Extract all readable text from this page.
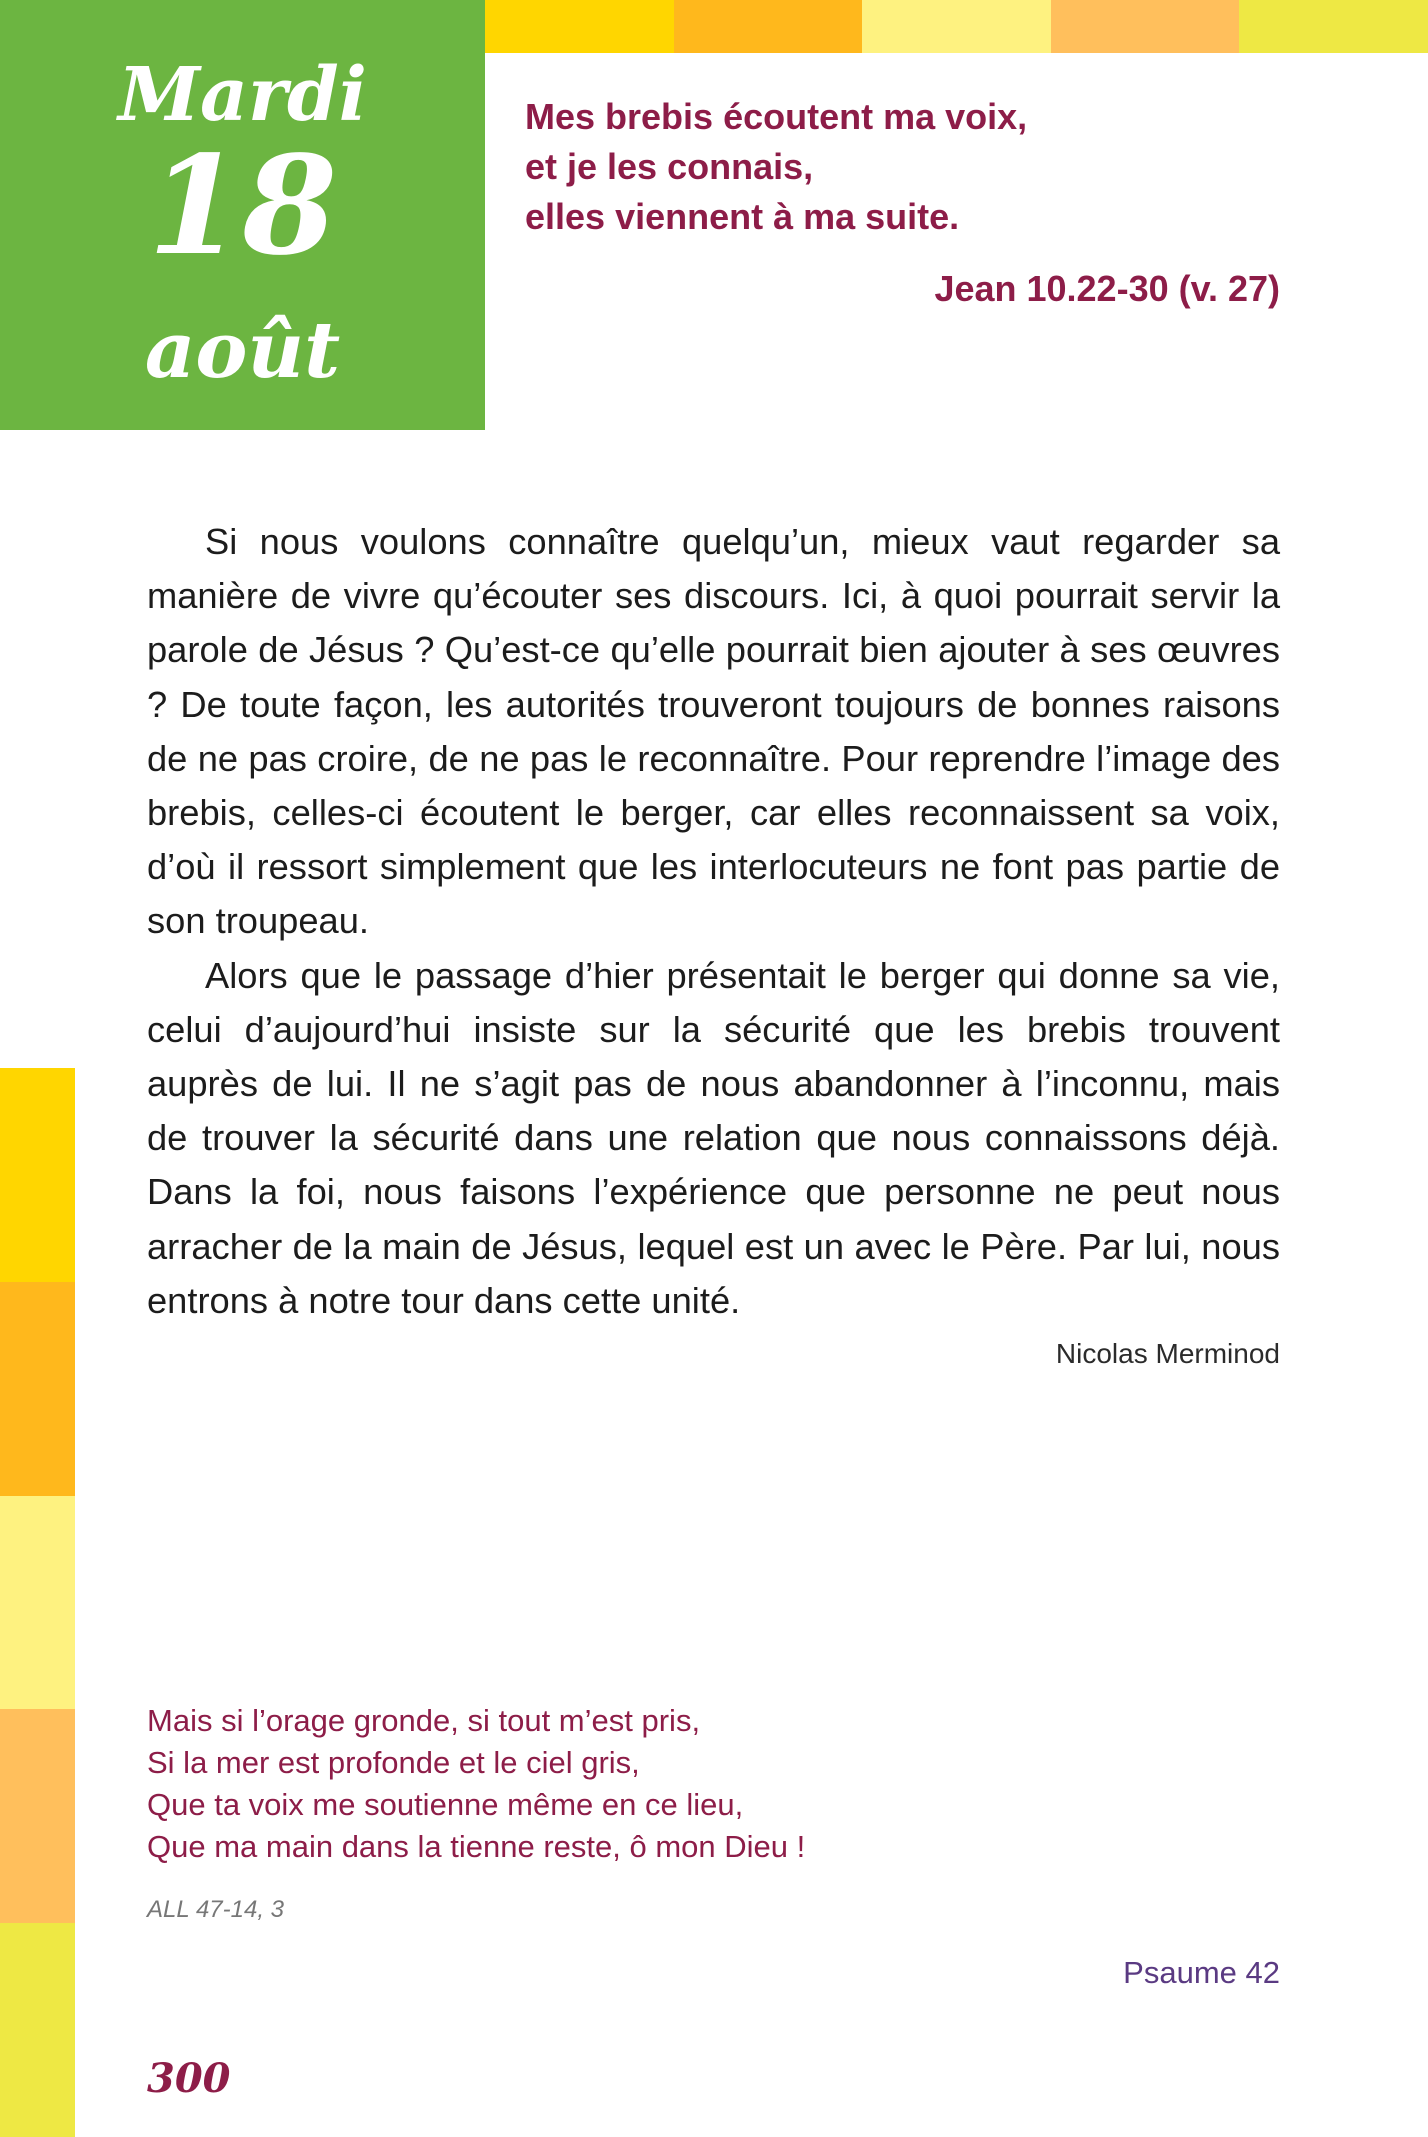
Mardi
18
août
Mes brebis écoutent ma voix,
et je les connais,
elles viennent à ma suite.
Jean 10.22-30 (v. 27)

Si nous voulons connaître quelqu’un, mieux vaut regarder sa manière de vivre qu’écouter ses discours. Ici, à quoi pourrait servir la parole de Jésus ? Qu’est-ce qu’elle pourrait bien ajouter à ses œuvres ? De toute façon, les autorités trouveront toujours de bonnes raisons de ne pas croire, de ne pas le reconnaître. Pour reprendre l’image des brebis, celles-ci écoutent le berger, car elles reconnaissent sa voix, d’où il ressort simplement que les interlocuteurs ne font pas partie de son troupeau.

Alors que le passage d’hier présentait le berger qui donne sa vie, celui d’aujourd’hui insiste sur la sécurité que les brebis trouvent auprès de lui. Il ne s’agit pas de nous abandonner à l’inconnu, mais de trouver la sécurité dans une relation que nous connaissons déjà. Dans la foi, nous faisons l’expérience que personne ne peut nous arracher de la main de Jésus, lequel est un avec le Père. Par lui, nous entrons à notre tour dans cette unité.

Nicolas Merminod
Mais si l’orage gronde, si tout m’est pris,
Si la mer est profonde et le ciel gris,
Que ta voix me soutienne même en ce lieu,
Que ma main dans la tienne reste, ô mon Dieu !
ALL 47-14, 3
Psaume 42
300
